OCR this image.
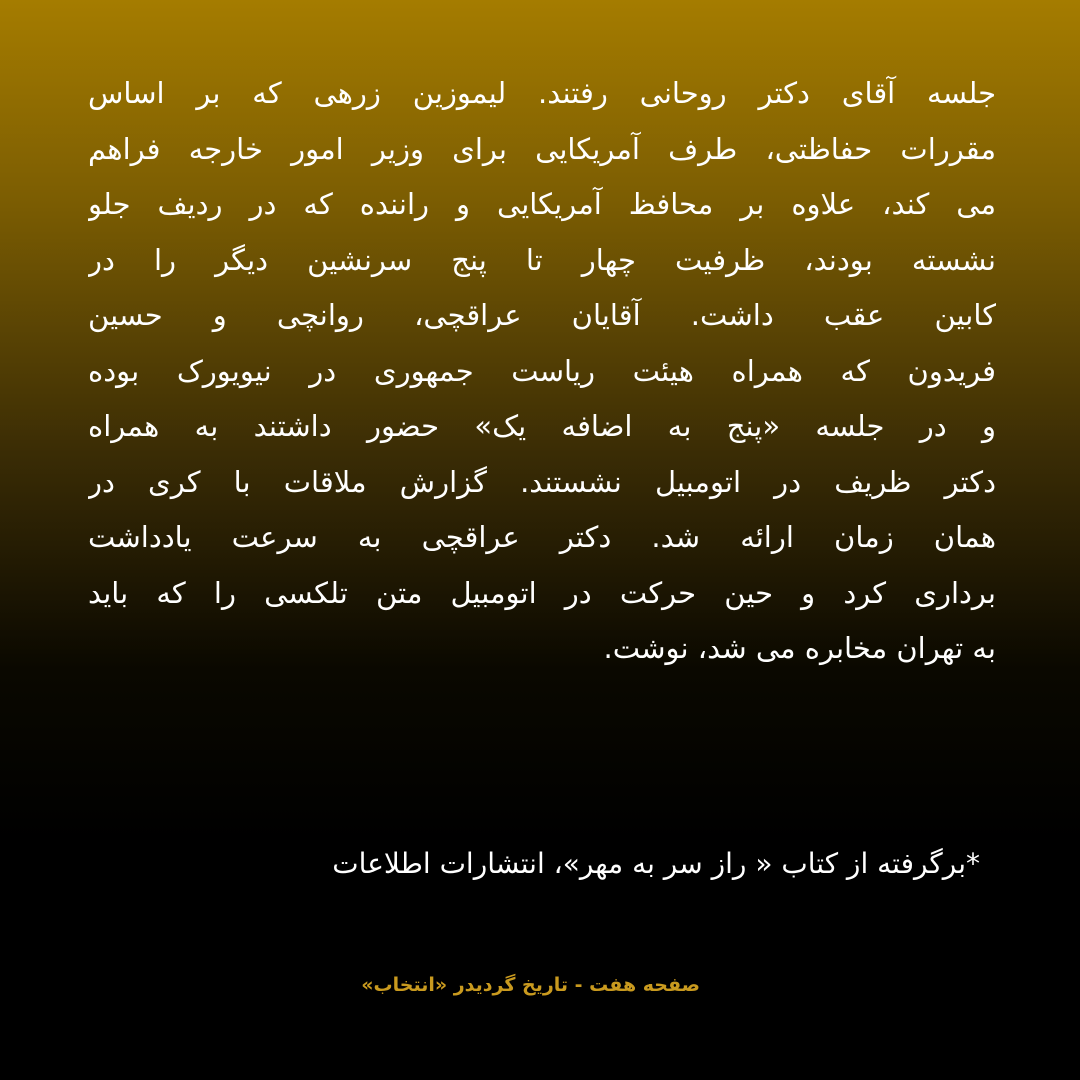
جلسه آقای دکتر روحانی رفتند. لیموزین زرهی که بر اساس
مقررات حفاظتی، طرف آمریکایی برای وزیر امور خارجه فراهم
می کند، علاوه بر محافظ آمریکایی و راننده که در ردیف جلو
نشسته بودند، ظرفیت چهار تا پنج سرنشین دیگر را در
کابین عقب داشت. آقایان عراقچی، روانچی و حسین
فریدون که همراه هیئت ریاست جمهوری در نیویورک بوده
و در جلسه «پنج به اضافه یک» حضور داشتند به همراه
دکتر ظریف در اتومبیل نشستند. گزارش ملاقات با کری در
همان زمان ارائه شد. دکتر عراقچی به سرعت یادداشت
برداری کرد و حین حرکت در اتومبیل متن تلکسی را که باید
به تهران مخابره می شد، نوشت.

*برگرفته از کتاب « راز سر به مهر»، انتشارات اطلاعات

صفحه هفت - تاریخ گردیدر «انتخاب»
